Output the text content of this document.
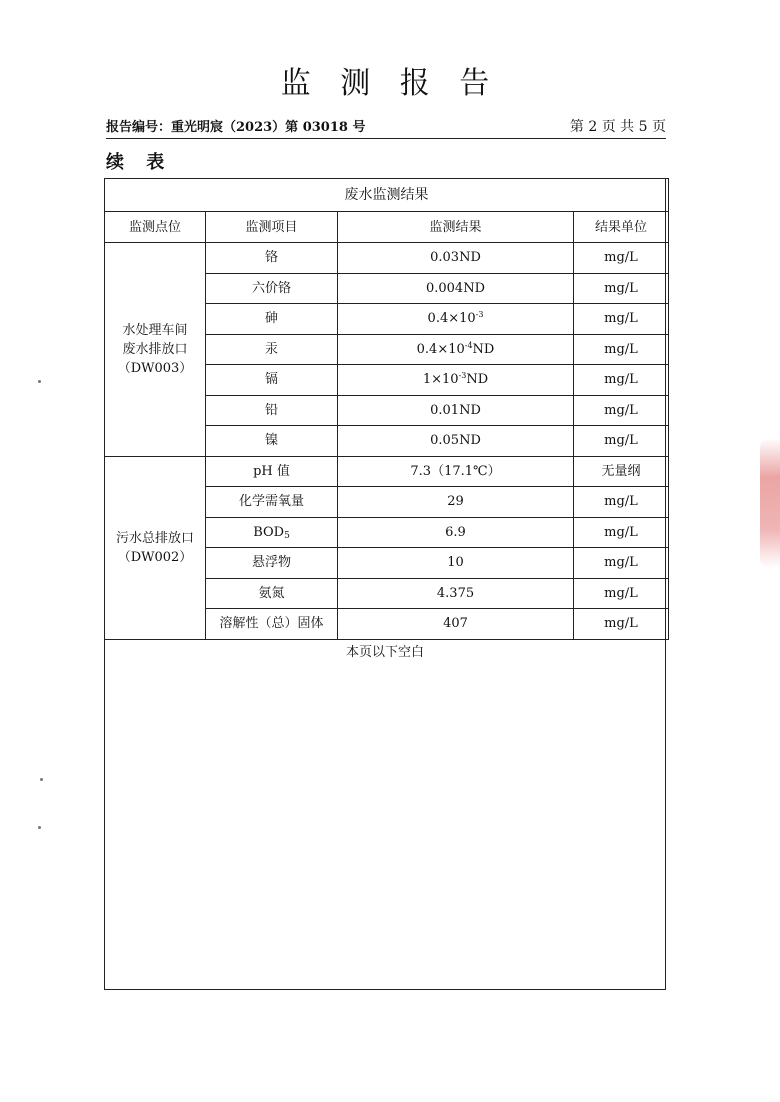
监 测 报 告
报告编号：重光明宸（2023）第 03018 号	第 2 页 共 5 页
续 表
废水监测结果			
监测点位	监测项目	监测结果	结果单位

水处理车间
废水排放口
（DW003）	铬	0.03ND	mg/L
	六价铬	0.004ND	mg/L
	砷	$0.4\times 10^{-3}$	mg/L
	汞	$0.4\times 10^{-4}ND$	mg/L
	镉	$1\times 10^{-3}ND$	mg/L
	铅	0.01ND	mg/L
	镍	0.05ND	mg/L

污水总排放口
（DW002）	pH 值	7.3（17.1℃）	无量纲
	化学需氧量	29	mg/L
	$BOD_5$	6.9	mg/L
	悬浮物	10	mg/L
	氨氮	4.375	mg/L
	溶解性（总）固体	407	mg/L
本页以下空白
